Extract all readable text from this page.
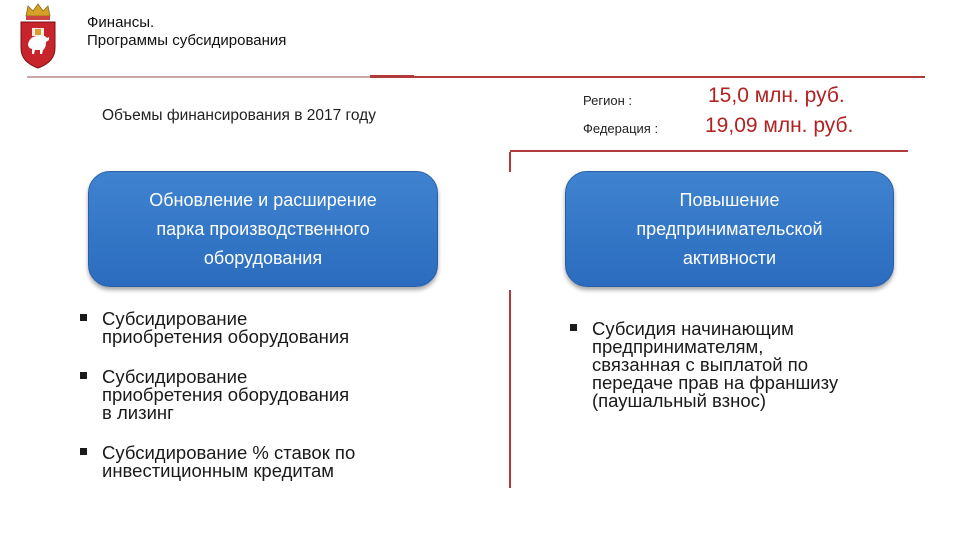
Финансы.
Программы субсидирования
Объемы финансирования в 2017 году
Регион :	15,0 млн. руб.
Федерация : 19,09 млн. руб.
Обновление и расширение
парка производственного
оборудования
Повышение
предпринимательской
активности
Субсидирование
приобретения оборудования
Субсидирование
приобретения оборудования
в лизинг
Субсидирование % ставок по
инвестиционным кредитам
Субсидия начинающим
предпринимателям,
связанная с выплатой по
передаче прав на франшизу
(паушальный взнос)
